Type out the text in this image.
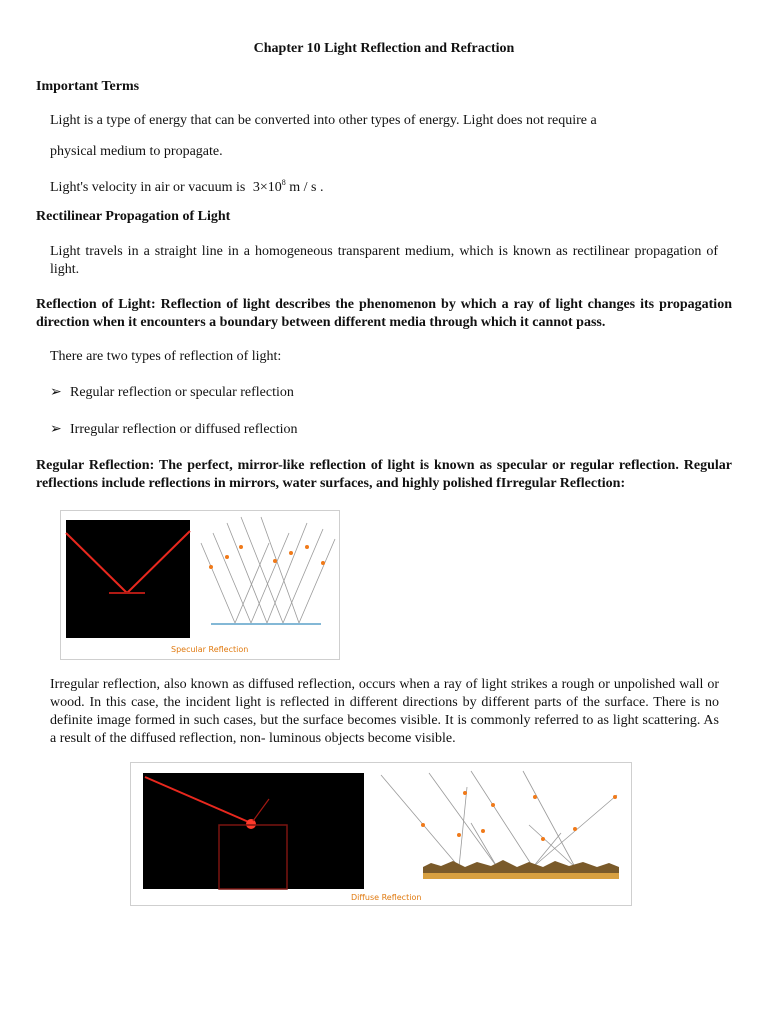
Chapter 10 Light Reflection and Refraction
Important Terms
Light is a type of energy that can be converted into other types of energy. Light does not require a
physical medium to propagate.
Light's velocity in air or vacuum is $3\times 10^8$ m / s .
Rectilinear Propagation of Light
Light travels in a straight line in a homogeneous transparent medium, which is known as rectilinear propagation of light.
Reflection of Light: Reflection of light describes the phenomenon by which a ray of light changes its propagation direction when it encounters a boundary between different media through which it cannot pass.
There are two types of reflection of light:
➢ Regular reflection or specular reflection
➢ Irregular reflection or diffused reflection
Regular Reflection: The perfect, mirror-like reflection of light is known as specular or regular reflection. Regular reflections include reflections in mirrors, water surfaces, and highly polished fIrregular Reflection:
Specular Reflection
Irregular reflection, also known as diffused reflection, occurs when a ray of light strikes a rough or unpolished wall or wood. In this case, the incident light is reflected in different directions by different parts of the surface. There is no definite image formed in such cases, but the surface becomes visible. It is commonly referred to as light scattering. As a result of the diffused reflection, non- luminous objects become visible.
Diffuse Reflection
